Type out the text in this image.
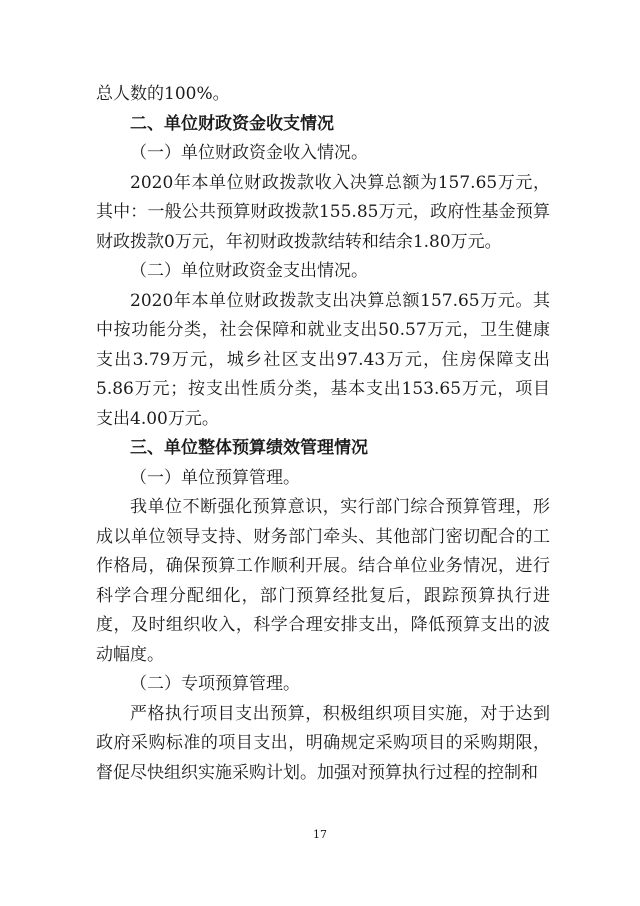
总人数的100%。

二、单位财政资金收支情况

（一）单位财政资金收入情况。

2020年本单位财政拨款收入决算总额为157.65万元，其中：一般公共预算财政拨款155.85万元，政府性基金预算财政拨款0万元，年初财政拨款结转和结余1.80万元。

（二）单位财政资金支出情况。

2020年本单位财政拨款支出决算总额157.65万元。其中按功能分类，社会保障和就业支出50.57万元，卫生健康支出3.79万元，城乡社区支出97.43万元，住房保障支出5.86万元；按支出性质分类，基本支出153.65万元，项目支出4.00万元。

三、单位整体预算绩效管理情况

（一）单位预算管理。

我单位不断强化预算意识，实行部门综合预算管理，形成以单位领导支持、财务部门牵头、其他部门密切配合的工作格局，确保预算工作顺利开展。结合单位业务情况，进行科学合理分配细化，部门预算经批复后，跟踪预算执行进度，及时组织收入，科学合理安排支出，降低预算支出的波动幅度。

（二）专项预算管理。

严格执行项目支出预算，积极组织项目实施，对于达到政府采购标准的项目支出，明确规定采购项目的采购期限，督促尽快组织实施采购计划。加强对预算执行过程的控制和

17
